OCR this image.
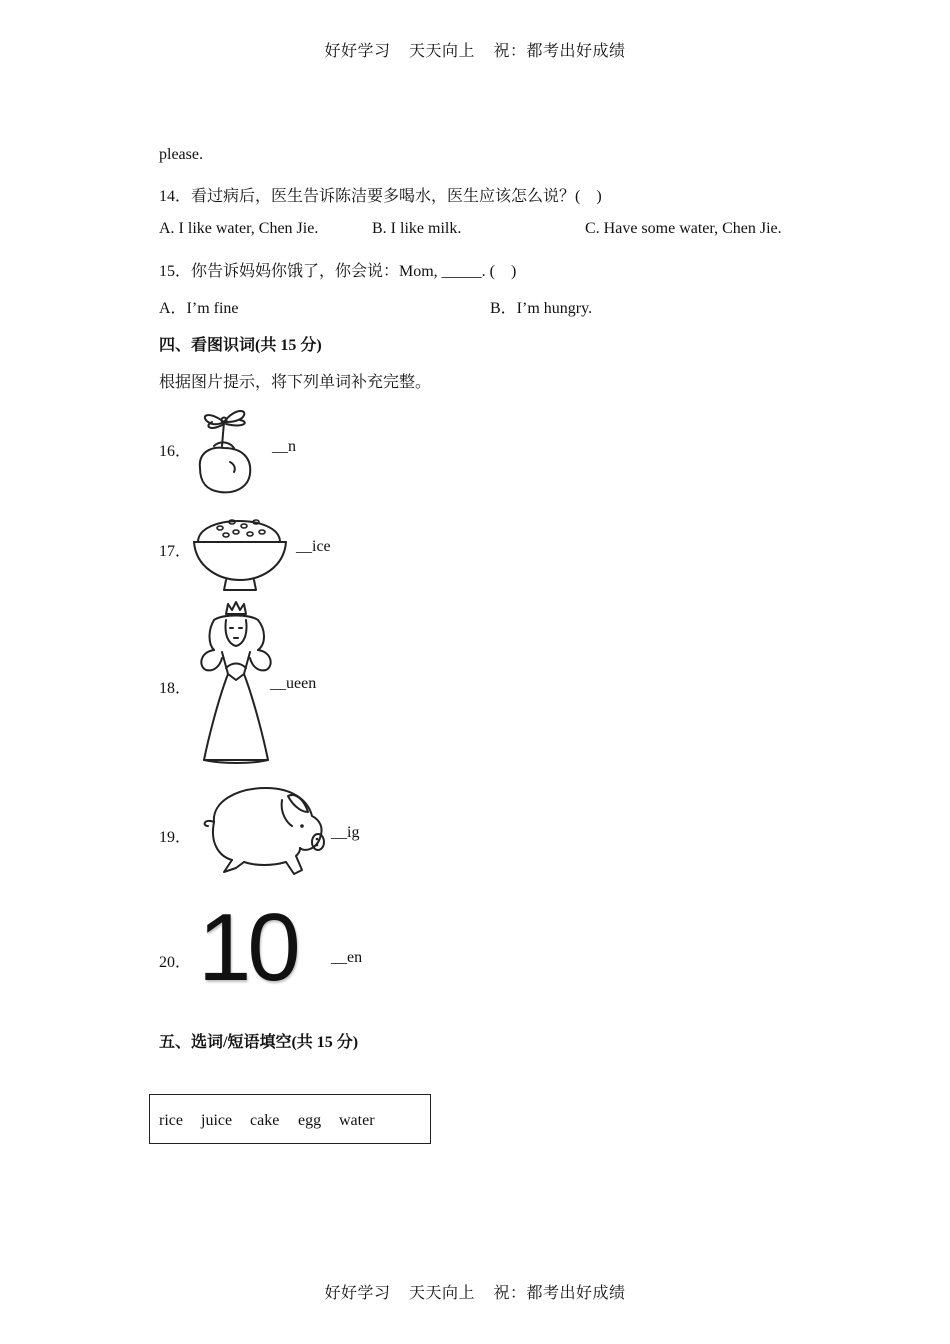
好好学习 天天向上 祝：都考出好成绩
please.
14．看过病后，医生告诉陈洁要多喝水，医生应该怎么说？(　)
A. I like water, Chen Jie.	B. I like milk.	C. Have some water, Chen Jie.
15．你告诉妈妈你饿了，你会说：Mom, _____. (　)
A．I’m fine	B．I’m hungry.
四、看图识词(共 15 分)
根据图片提示，将下列单词补充完整。
16．	__n
17．	__ice
18．	__ueen
19．	__ig
20． 10 __en
五、选词/短语填空(共 15 分)
rice juice cake egg water
好好学习 天天向上 祝：都考出好成绩
